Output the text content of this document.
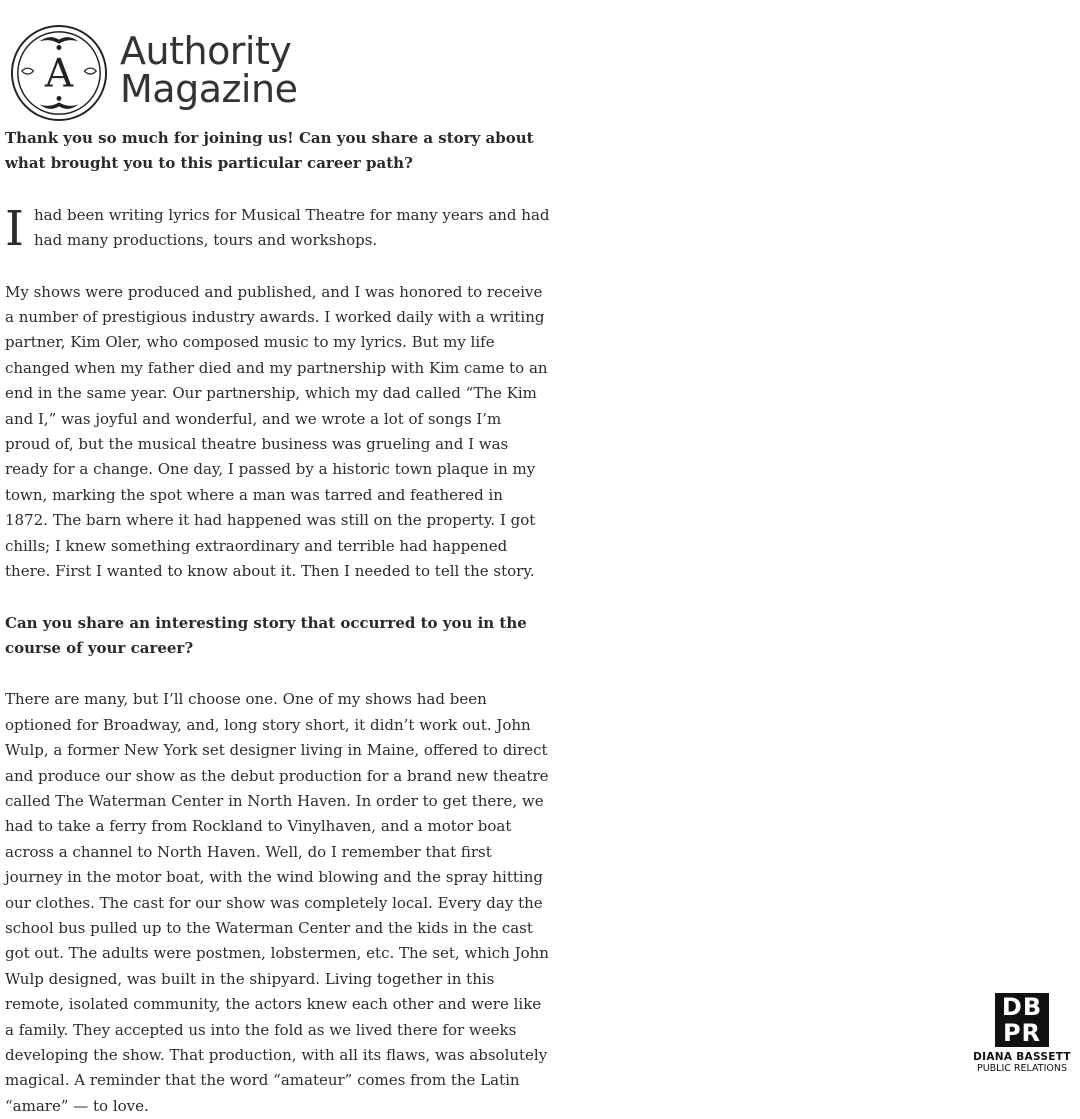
A
Authority
Magazine

Thank you so much for joining us! Can you share a story about what brought you to this particular career path?

I had been writing lyrics for Musical Theatre for many years and had had many productions, tours and workshops.

My shows were produced and published, and I was honored to receive a number of prestigious industry awards. I worked daily with a writing partner, Kim Oler, who composed music to my lyrics. But my life changed when my father died and my partnership with Kim came to an end in the same year. Our partnership, which my dad called “The Kim and I,” was joyful and wonderful, and we wrote a lot of songs I’m proud of, but the musical theatre business was grueling and I was ready for a change. One day, I passed by a historic town plaque in my town, marking the spot where a man was tarred and feathered in 1872. The barn where it had happened was still on the property. I got chills; I knew something extraordinary and terrible had happened there. First I wanted to know about it. Then I needed to tell the story.

Can you share an interesting story that occurred to you in the course of your career?

There are many, but I’ll choose one. One of my shows had been optioned for Broadway, and, long story short, it didn’t work out. John Wulp, a former New York set designer living in Maine, offered to direct and produce our show as the debut production for a brand new theatre called The Waterman Center in North Haven. In order to get there, we had to take a ferry from Rockland to Vinylhaven, and a motor boat across a channel to North Haven. Well, do I remember that first journey in the motor boat, with the wind blowing and the spray hitting our clothes. The cast for our show was completely local. Every day the school bus pulled up to the Waterman Center and the kids in the cast got out. The adults were postmen, lobstermen, etc. The set, which John Wulp designed, was built in the shipyard. Living together in this remote, isolated community, the actors knew each other and were like a family. They accepted us into the fold as we lived there for weeks developing the show. That production, with all its flaws, was absolutely magical. A reminder that the word “amateur” comes from the Latin “amare” — to love.

DB
PR
DIANA BASSETT
PUBLIC RELATIONS
